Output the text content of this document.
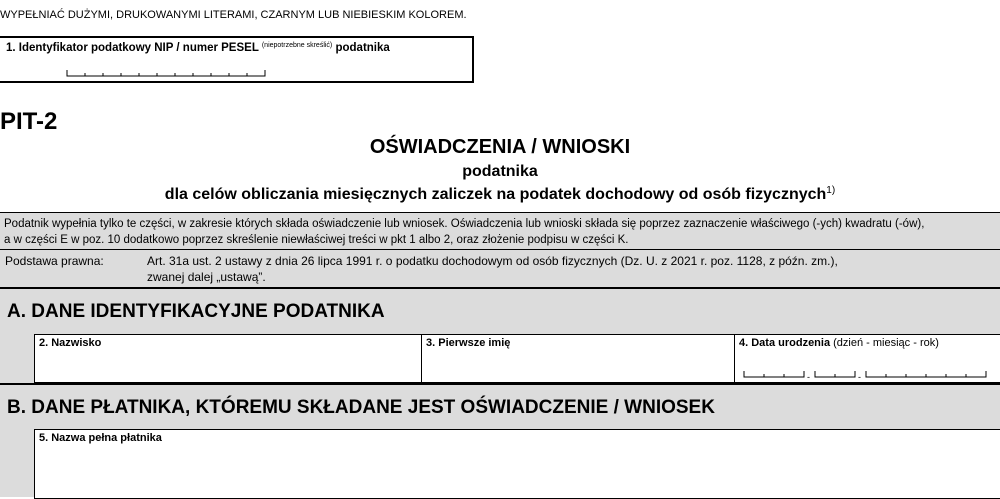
WYPEŁNIAĆ DUŻYMI, DRUKOWANYMI LITERAMI, CZARNYM LUB NIEBIESKIM KOLOREM.
1. Identyfikator podatkowy NIP / numer PESEL $^{(niepotrzebne skreślić)}$ podatnika
PIT-2
OŚWIADCZENIA / WNIOSKI
podatnika
dla celów obliczania miesięcznych zaliczek na podatek dochodowy od osób fizycznych$^{1)}$
Podatnik wypełnia tylko te części, w zakresie których składa oświadczenie lub wniosek. Oświadczenia lub wnioski składa się poprzez zaznaczenie właściwego (-ych) kwadratu (-ów),
a w części E w poz. 10 dodatkowo poprzez skreślenie niewłaściwej treści w pkt 1 albo 2, oraz złożenie podpisu w części K.
Podstawa prawna:	Art. 31a ust. 2 ustawy z dnia 26 lipca 1991 r. o podatku dochodowym od osób fizycznych (Dz. U. z 2021 r. poz. 1128, z późn. zm.),
zwanej dalej „ustawą”.
A. DANE IDENTYFIKACYJNE PODATNIKA
2. Nazwisko	3. Pierwsze imię	4. Data urodzenia (dzień - miesiąc - rok)
-	-
B. DANE PŁATNIKA, KTÓREMU SKŁADANE JEST OŚWIADCZENIE / WNIOSEK
5. Nazwa pełna płatnika
